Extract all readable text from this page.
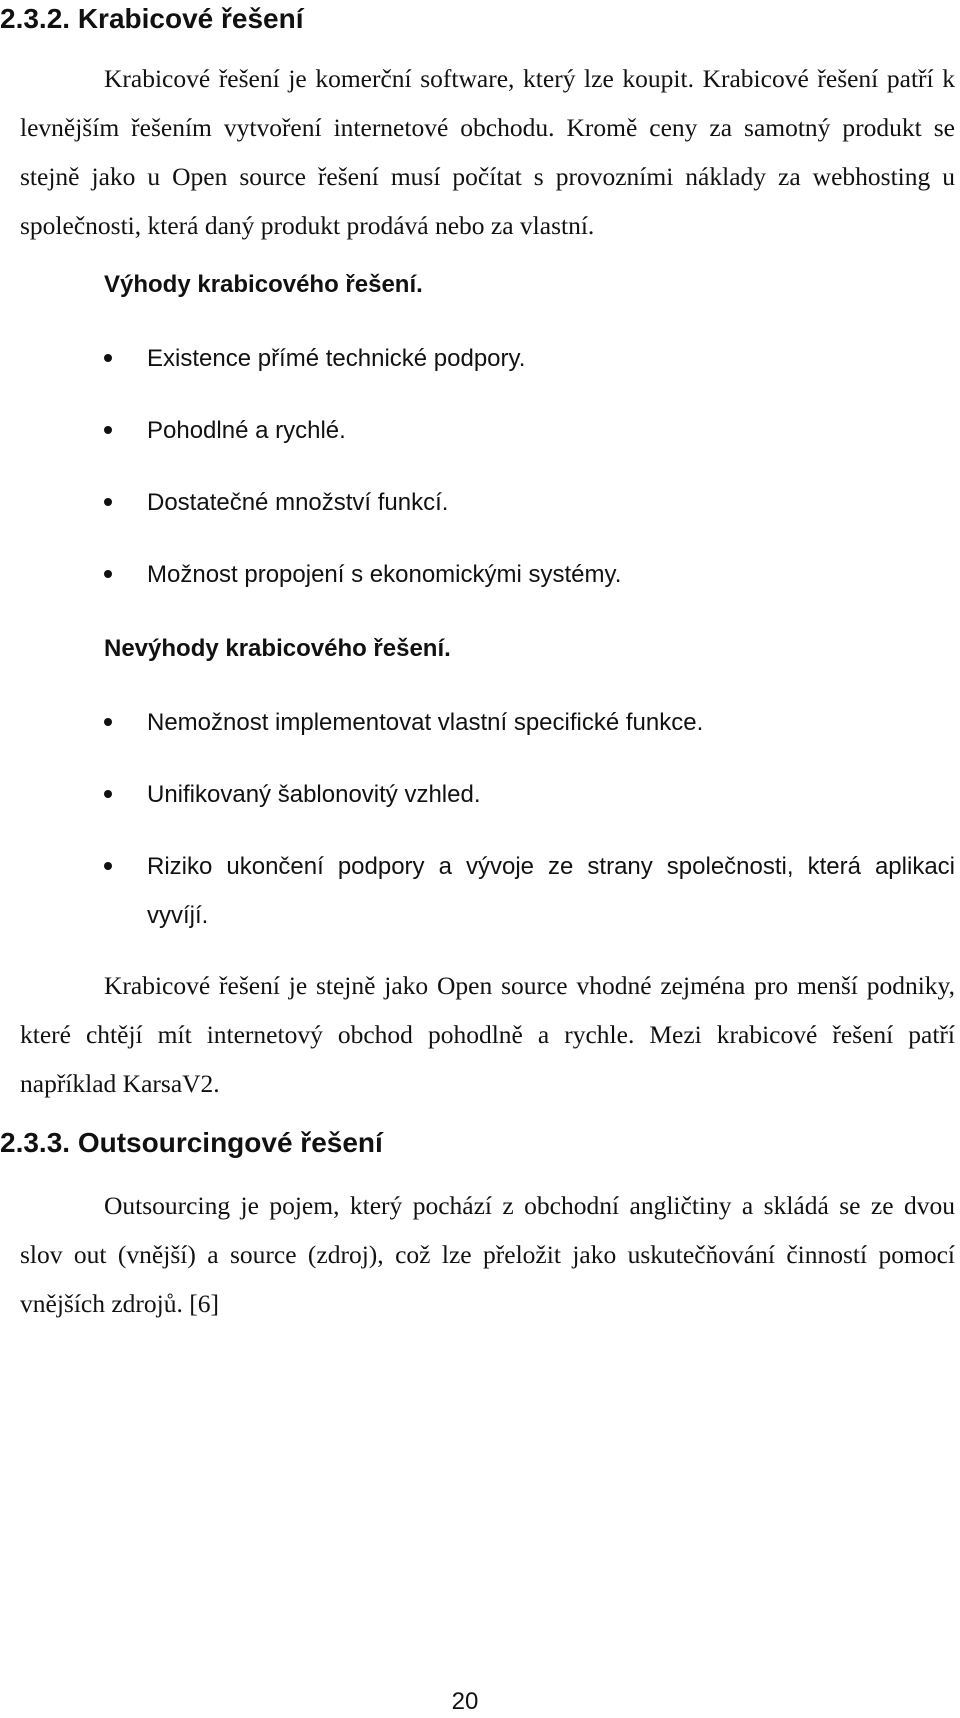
2.3.2. Krabicové řešení
Krabicové řešení je komerční software, který lze koupit. Krabicové řešení patří k levnějším řešením vytvoření internetové obchodu. Kromě ceny za samotný produkt se stejně jako u Open source řešení musí počítat s provozními náklady za webhosting u společnosti, která daný produkt prodává nebo za vlastní.
Výhody krabicového řešení.
Existence přímé technické podpory.
Pohodlné a rychlé.
Dostatečné množství funkcí.
Možnost propojení s ekonomickými systémy.
Nevýhody krabicového řešení.
Nemožnost implementovat vlastní specifické funkce.
Unifikovaný šablonovitý vzhled.
Riziko ukončení podpory a vývoje ze strany společnosti, která aplikaci vyvíjí.
Krabicové řešení je stejně jako Open source vhodné zejména pro menší podniky, které chtějí mít internetový obchod pohodlně a rychle. Mezi krabicové řešení patří například KarsaV2.
2.3.3. Outsourcingové řešení
Outsourcing je pojem, který pochází z obchodní angličtiny a skládá se ze dvou slov out (vnější) a source (zdroj), což lze přeložit jako uskutečňování činností pomocí vnějších zdrojů. [6]
20
